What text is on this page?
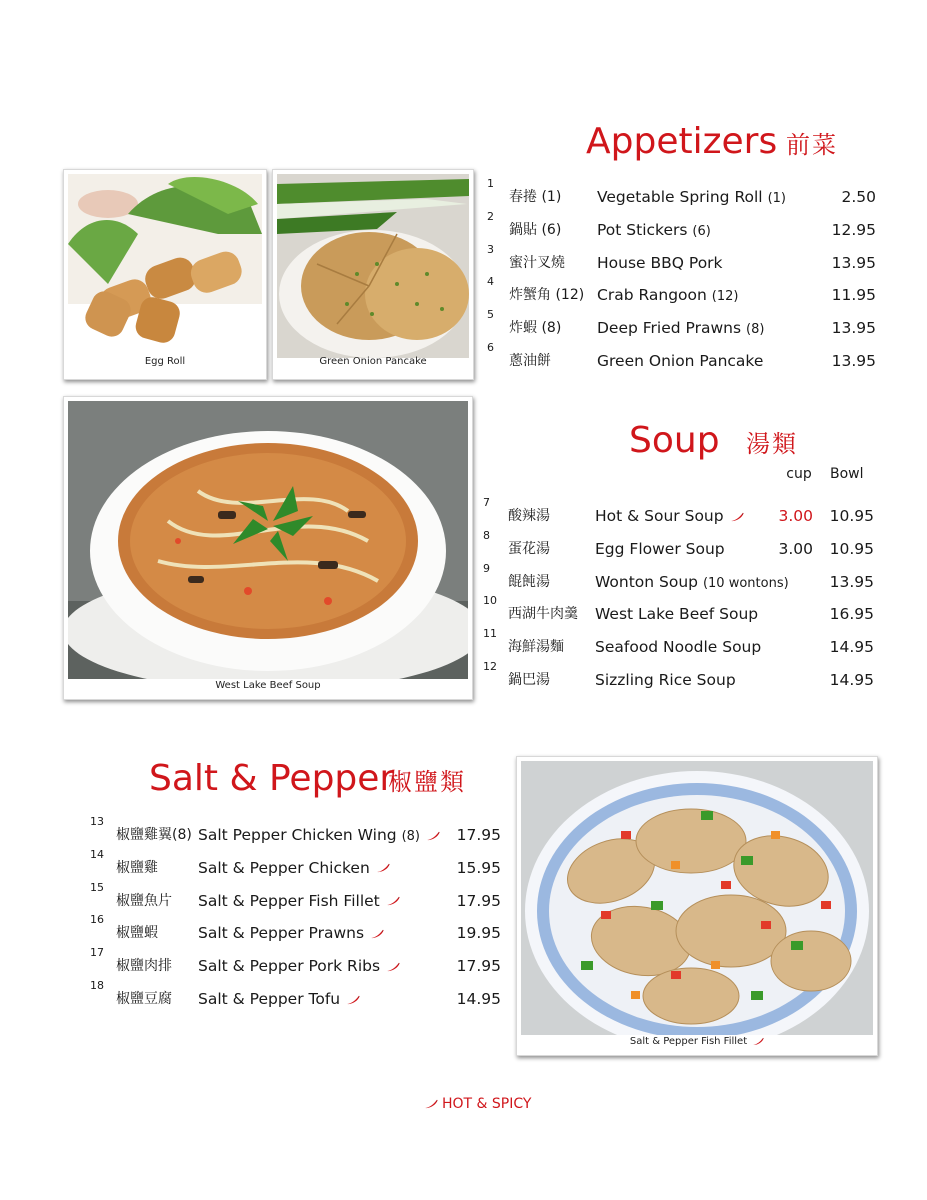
Appetizers 前菜
1
春捲 (1) Vegetable Spring Roll (1)	2.50
2
鍋貼 (6) Pot Stickers (6)	12.95
3
蜜汁叉燒 House BBQ Pork	13.95
4
炸蟹角 (12) Crab Rangoon (12)	11.95
5
炸蝦 (8) Deep Fried Prawns (8)	13.95
6
蔥油餅	Green Onion Pancake	13.95
Egg Roll	Green Onion Pancake
Soup 湯類
cup Bowl
7
酸辣湯	Hot & Sour Soup	3.00	10.95
8
蛋花湯	Egg Flower Soup	3.00	10.95
9
餛飩湯	Wonton Soup (10 wontons)	13.95
10
西湖牛肉羹 West Lake Beef Soup	16.95
11
海鮮湯麵 Seafood Noodle Soup	14.95
12
鍋巴湯	Sizzling Rice Soup	14.95
West Lake Beef Soup
Salt & Pepper
椒鹽類
13
椒鹽雞翼(8) Salt Pepper Chicken Wing (8)	17.95
14
椒鹽雞	Salt & Pepper Chicken	15.95
15
椒鹽魚片 Salt & Pepper Fish Fillet	17.95
16
椒鹽蝦	Salt & Pepper Prawns	19.95
17
椒鹽肉排 Salt & Pepper Pork Ribs	17.95
18
椒鹽豆腐 Salt & Pepper Tofu	14.95
Salt & Pepper Fish Fillet
HOT & SPICY
